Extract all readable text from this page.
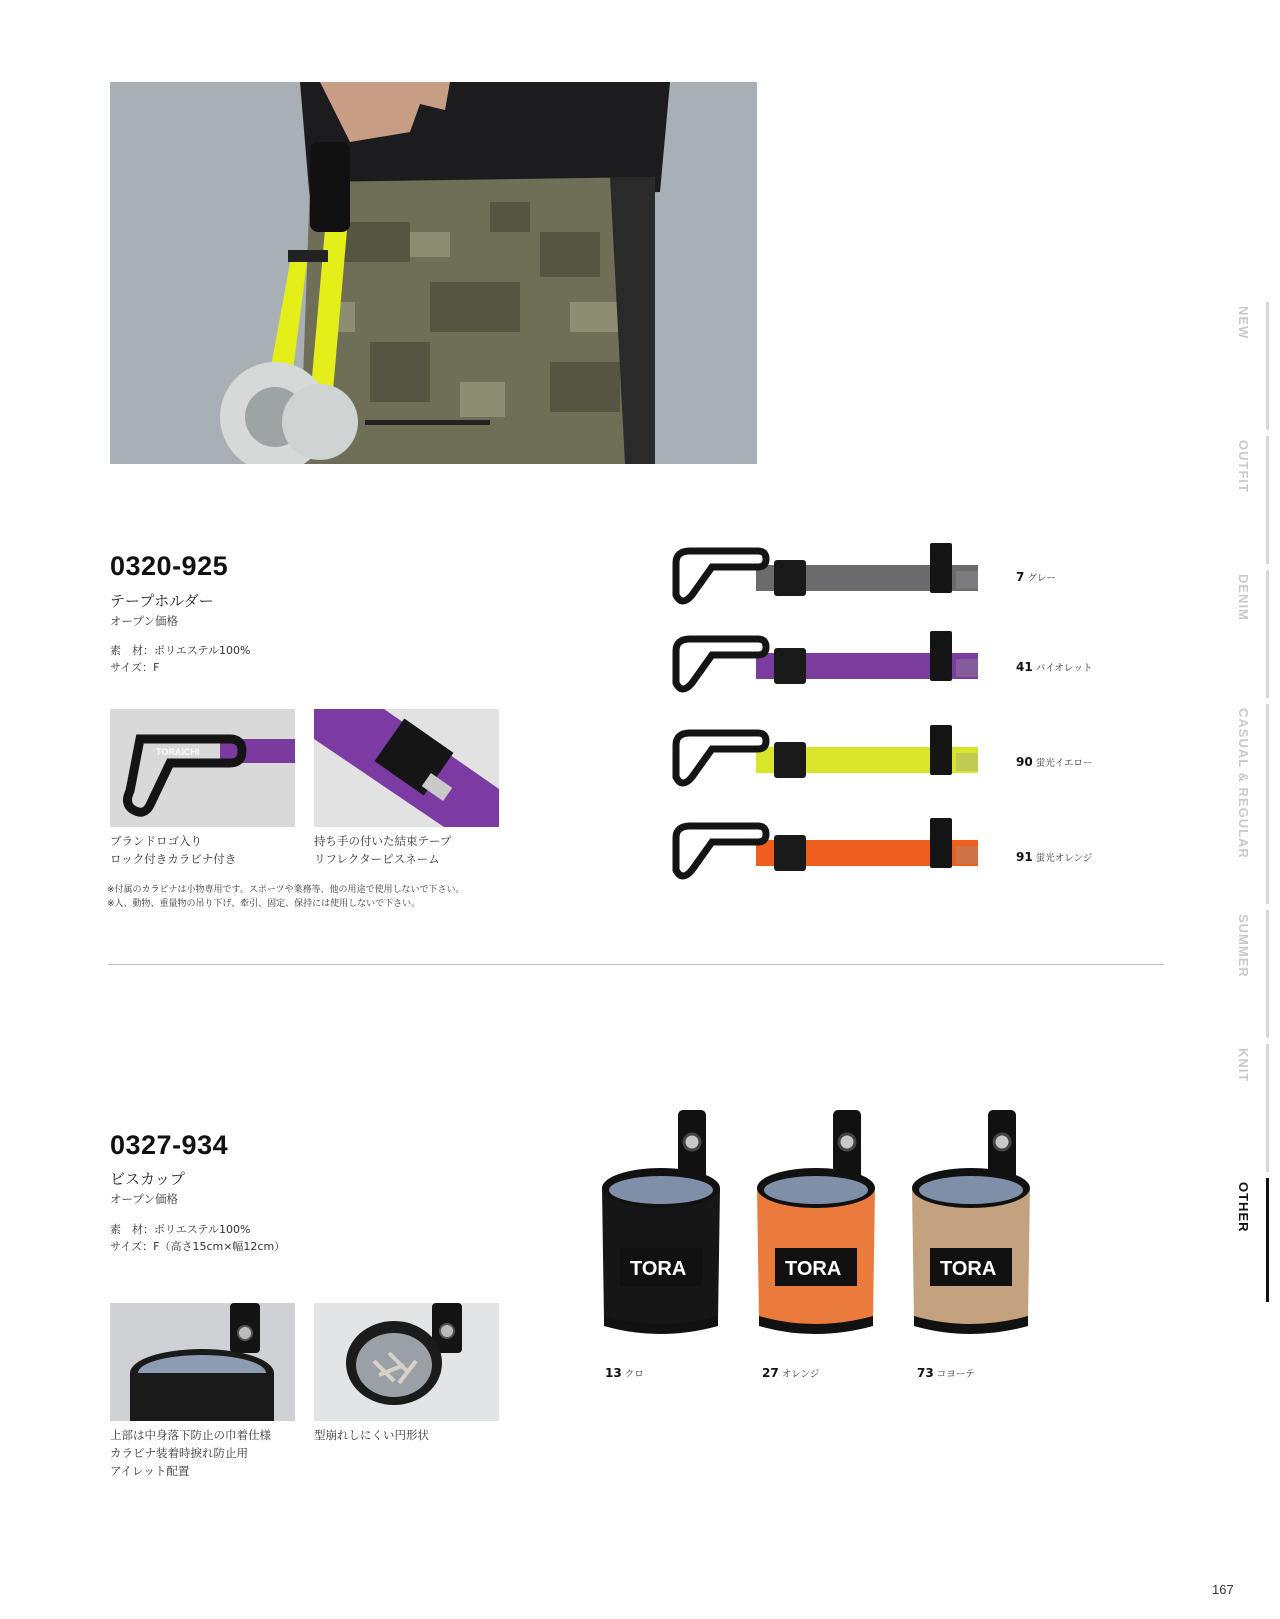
0320-925
テープホルダー
オープン価格
素　材：ポリエステル100%
サイズ：F
TORAICHI
ブランドロゴ入り
ロック付きカラビナ付き
持ち手の付いた結束テープ
リフレクターピスネーム
※付属のカラビナは小物専用です。スポーツや業務等、他の用途で使用しないで下さい。
※人、動物、重量物の吊り下げ、牽引、固定、保持には使用しないで下さい。
TORAICHI
TORAICHI
TORAICHI
TORAICHI
7 グレー
41 バイオレット
90 蛍光イエロー
91 蛍光オレンジ
0327-934
ビスカップ
オープン価格
素　材：ポリエステル100%
サイズ：F（高さ15cm×幅12cm）
上部は中身落下防止の巾着仕様
カラビナ装着時捩れ防止用
アイレット配置
型崩れしにくい円形状
TORA	TORA	TORA
13 クロ	27 オレンジ	73 コヨーテ
NEW
OUTFIT
DENIM
CASUAL & REGULAR
SUMMER
KNIT
OTHER
167
